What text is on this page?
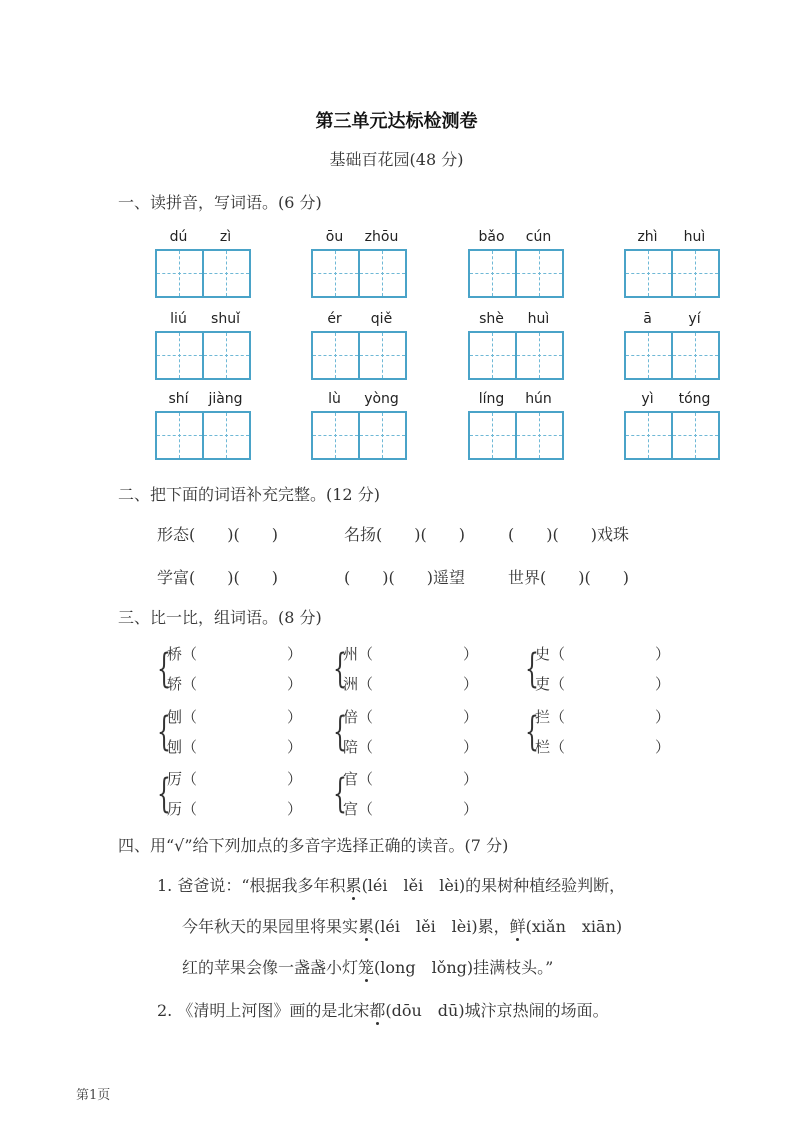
第三单元达标检测卷
基础百花园(48 分)
一、读拼音，写词语。(6 分)
dú	zì	ōu	zhōu	bǎo	cún	zhì	huì
liú	shuǐ	ér	qiě	shè	huì	ā	yí
shí	jiàng	lù	yòng	líng	hún	yì	tóng
二、把下面的词语补充完整。(12 分)
形态(　　)(　　)	名扬(　　)(　　)	(　　)(　　)戏珠
学富(　　)(　　)	(　　)(　　)遥望	世界(　　)(　　)
三、比一比，组词语。(8 分)
{
桥（　　　　　　）
轿（　　　　　　） {
州（　　　　　　）
洲（　　　　　　） {
史（　　　　　　）
吏（　　　　　　）
{
刨（　　　　　　）
刨（　　　　　　） {
倍（　　　　　　）
陪（　　　　　　） {
拦（　　　　　　）
栏（　　　　　　）
{
厉（　　　　　　）
历（　　　　　　） {
官（　　　　　　）
宫（　　　　　　）
四、用“√”给下列加点的多音字选择正确的读音。(7 分)
1. 爸爸说：“根据我多年积累(léi　lěi　lèi)的果树种植经验判断，
今年秋天的果园里将果实累(léi　lěi　lèi)累，鲜(xiǎn　xiān)
红的苹果会像一盏盏小灯笼(long　lǒng)挂满枝头。”
2. 《清明上河图》画的是北宋都(dōu　dū)城汴京热闹的场面。
第1页
